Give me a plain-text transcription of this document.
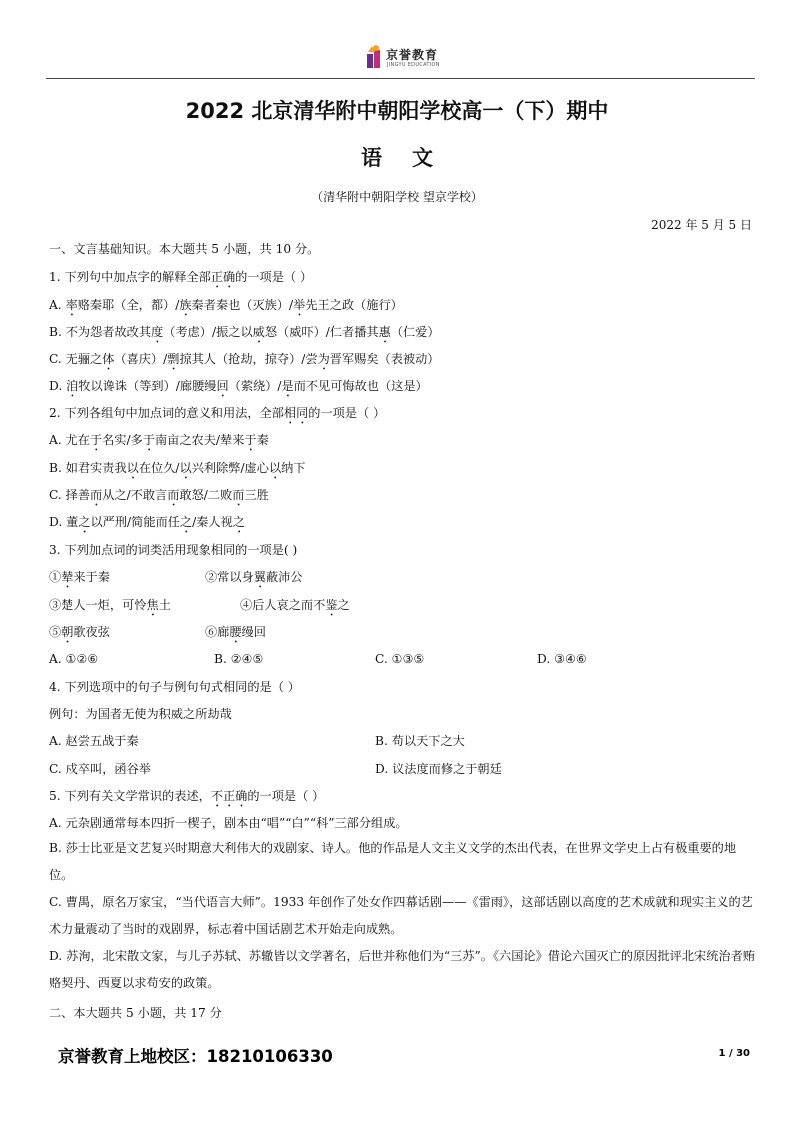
京誉教育
JINGYU EDUCATION
2022 北京清华附中朝阳学校高一（下）期中
语文
（清华附中朝阳学校 望京学校）
2022 年 5 月 5 日
一、文言基础知识。本大题共 5 小题，共 10 分。
1. 下列句中加点字的解释全部正确的一项是（ ）
A. 率赂秦耶（全，都）/族秦者秦也（灭族）/举先王之政（施行）
B. 不为怨者故改其度（考虑）/振之以威怒（威吓）/仁者播其惠（仁爱）
C. 无骊之体（喜庆）/剽掠其人（抢劫，掠夺）/尝为晋军赐矣（表被动）
D. 洎牧以谗诛（等到）/廊腰缦回（萦绕）/是而不见可悔故也（这是）
2. 下列各组句中加点词的意义和用法，全部相同的一项是（ ）
A. 尤在于名实/多于南亩之农夫/辇来于秦
B. 如君实责我以在位久/以兴利除弊/虚心以纳下
C. 择善而从之/不敢言而敢怒/二败而三胜
D. 董之以严刑/简能而任之/秦人视之
3. 下列加点词的词类活用现象相同的一项是( )
①辇来于秦	②常以身翼蔽沛公
③楚人一炬，可怜焦土	④后人哀之而不鉴之
⑤朝歌夜弦	⑥廊腰缦回
A. ①②⑥	B. ②④⑤	C. ①③⑤	D. ③④⑥
4. 下列选项中的句子与例句句式相同的是（ ）
例句：为国者无使为积威之所劫哉
A. 赵尝五战于秦	B. 苟以天下之大
C. 戍卒叫，函谷举	D. 议法度而修之于朝廷
5. 下列有关文学常识的表述，不正确的一项是（ ）
A. 元杂剧通常每本四折一楔子，剧本由“唱”“白”“科”三部分组成。
B. 莎士比亚是文艺复兴时期意大利伟大的戏剧家、诗人。他的作品是人文主义文学的杰出代表，在世界文学史上占有极重要的地位。
C. 曹禺，原名万家宝，“当代语言大师”。1933 年创作了处女作四幕话剧——《雷雨》，这部话剧以高度的艺术成就和现实主义的艺术力量震动了当时的戏剧界，标志着中国话剧艺术开始走向成熟。
D. 苏洵，北宋散文家，与儿子苏轼、苏辙皆以文学著名，后世并称他们为“三苏”。《六国论》借论六国灭亡的原因批评北宋统治者贿赂契丹、西夏以求苟安的政策。
二、本大题共 5 小题，共 17 分
京誉教育上地校区：18210106330	1 / 30
